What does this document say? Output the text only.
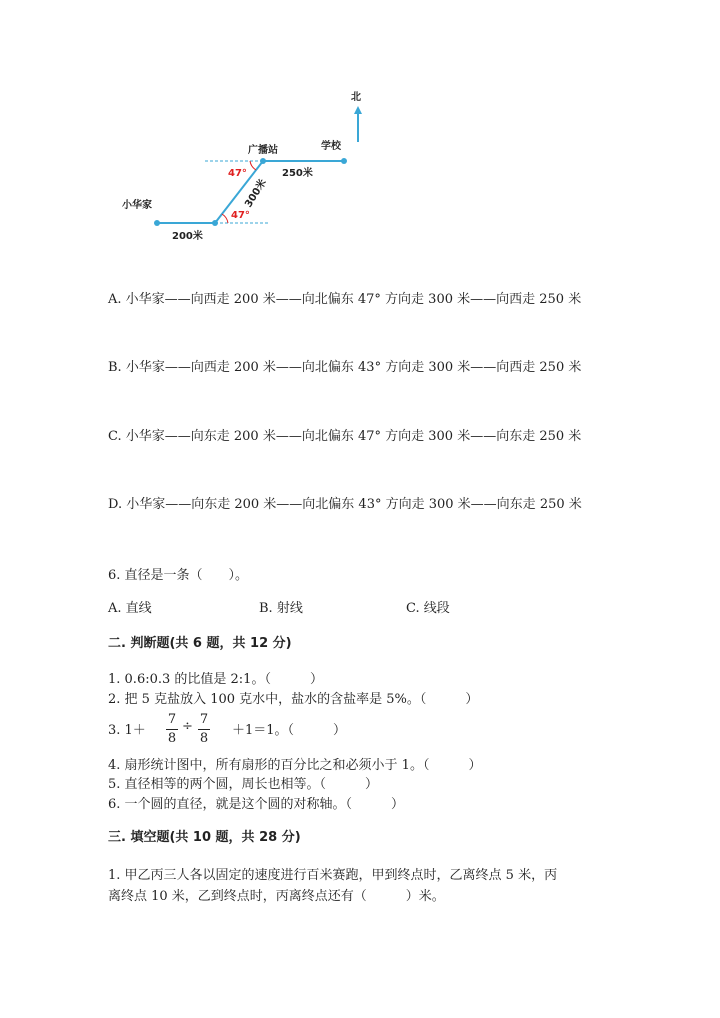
北
广播站	学校
小华家
250米
200米
300米
47°
47°
A. 小华家——向西走 200 米——向北偏东 47° 方向走 300 米——向西走 250 米
B. 小华家——向西走 200 米——向北偏东 43° 方向走 300 米——向西走 250 米
C. 小华家——向东走 200 米——向北偏东 47° 方向走 300 米——向东走 250 米
D. 小华家——向东走 200 米——向北偏东 43° 方向走 300 米——向东走 250 米
6. 直径是一条（　　）。
A. 直线	B. 射线	C. 线段
二. 判断题(共 6 题，共 12 分)
1. 0.6:0.3 的比值是 2:1。（　　　）
2. 把 5 克盐放入 100 克水中，盐水的含盐率是 5%。（　　　）
3. 1＋
7
8
÷ 7
8
＋1＝1。（　　　）
4. 扇形统计图中，所有扇形的百分比之和必须小于 1。（　　　）
5. 直径相等的两个圆，周长也相等。（　　　）
6. 一个圆的直径，就是这个圆的对称轴。（　　　）
三. 填空题(共 10 题，共 28 分)
1. 甲乙丙三人各以固定的速度进行百米赛跑，甲到终点时，乙离终点 5 米，丙
离终点 10 米，乙到终点时，丙离终点还有（　　　）米。
